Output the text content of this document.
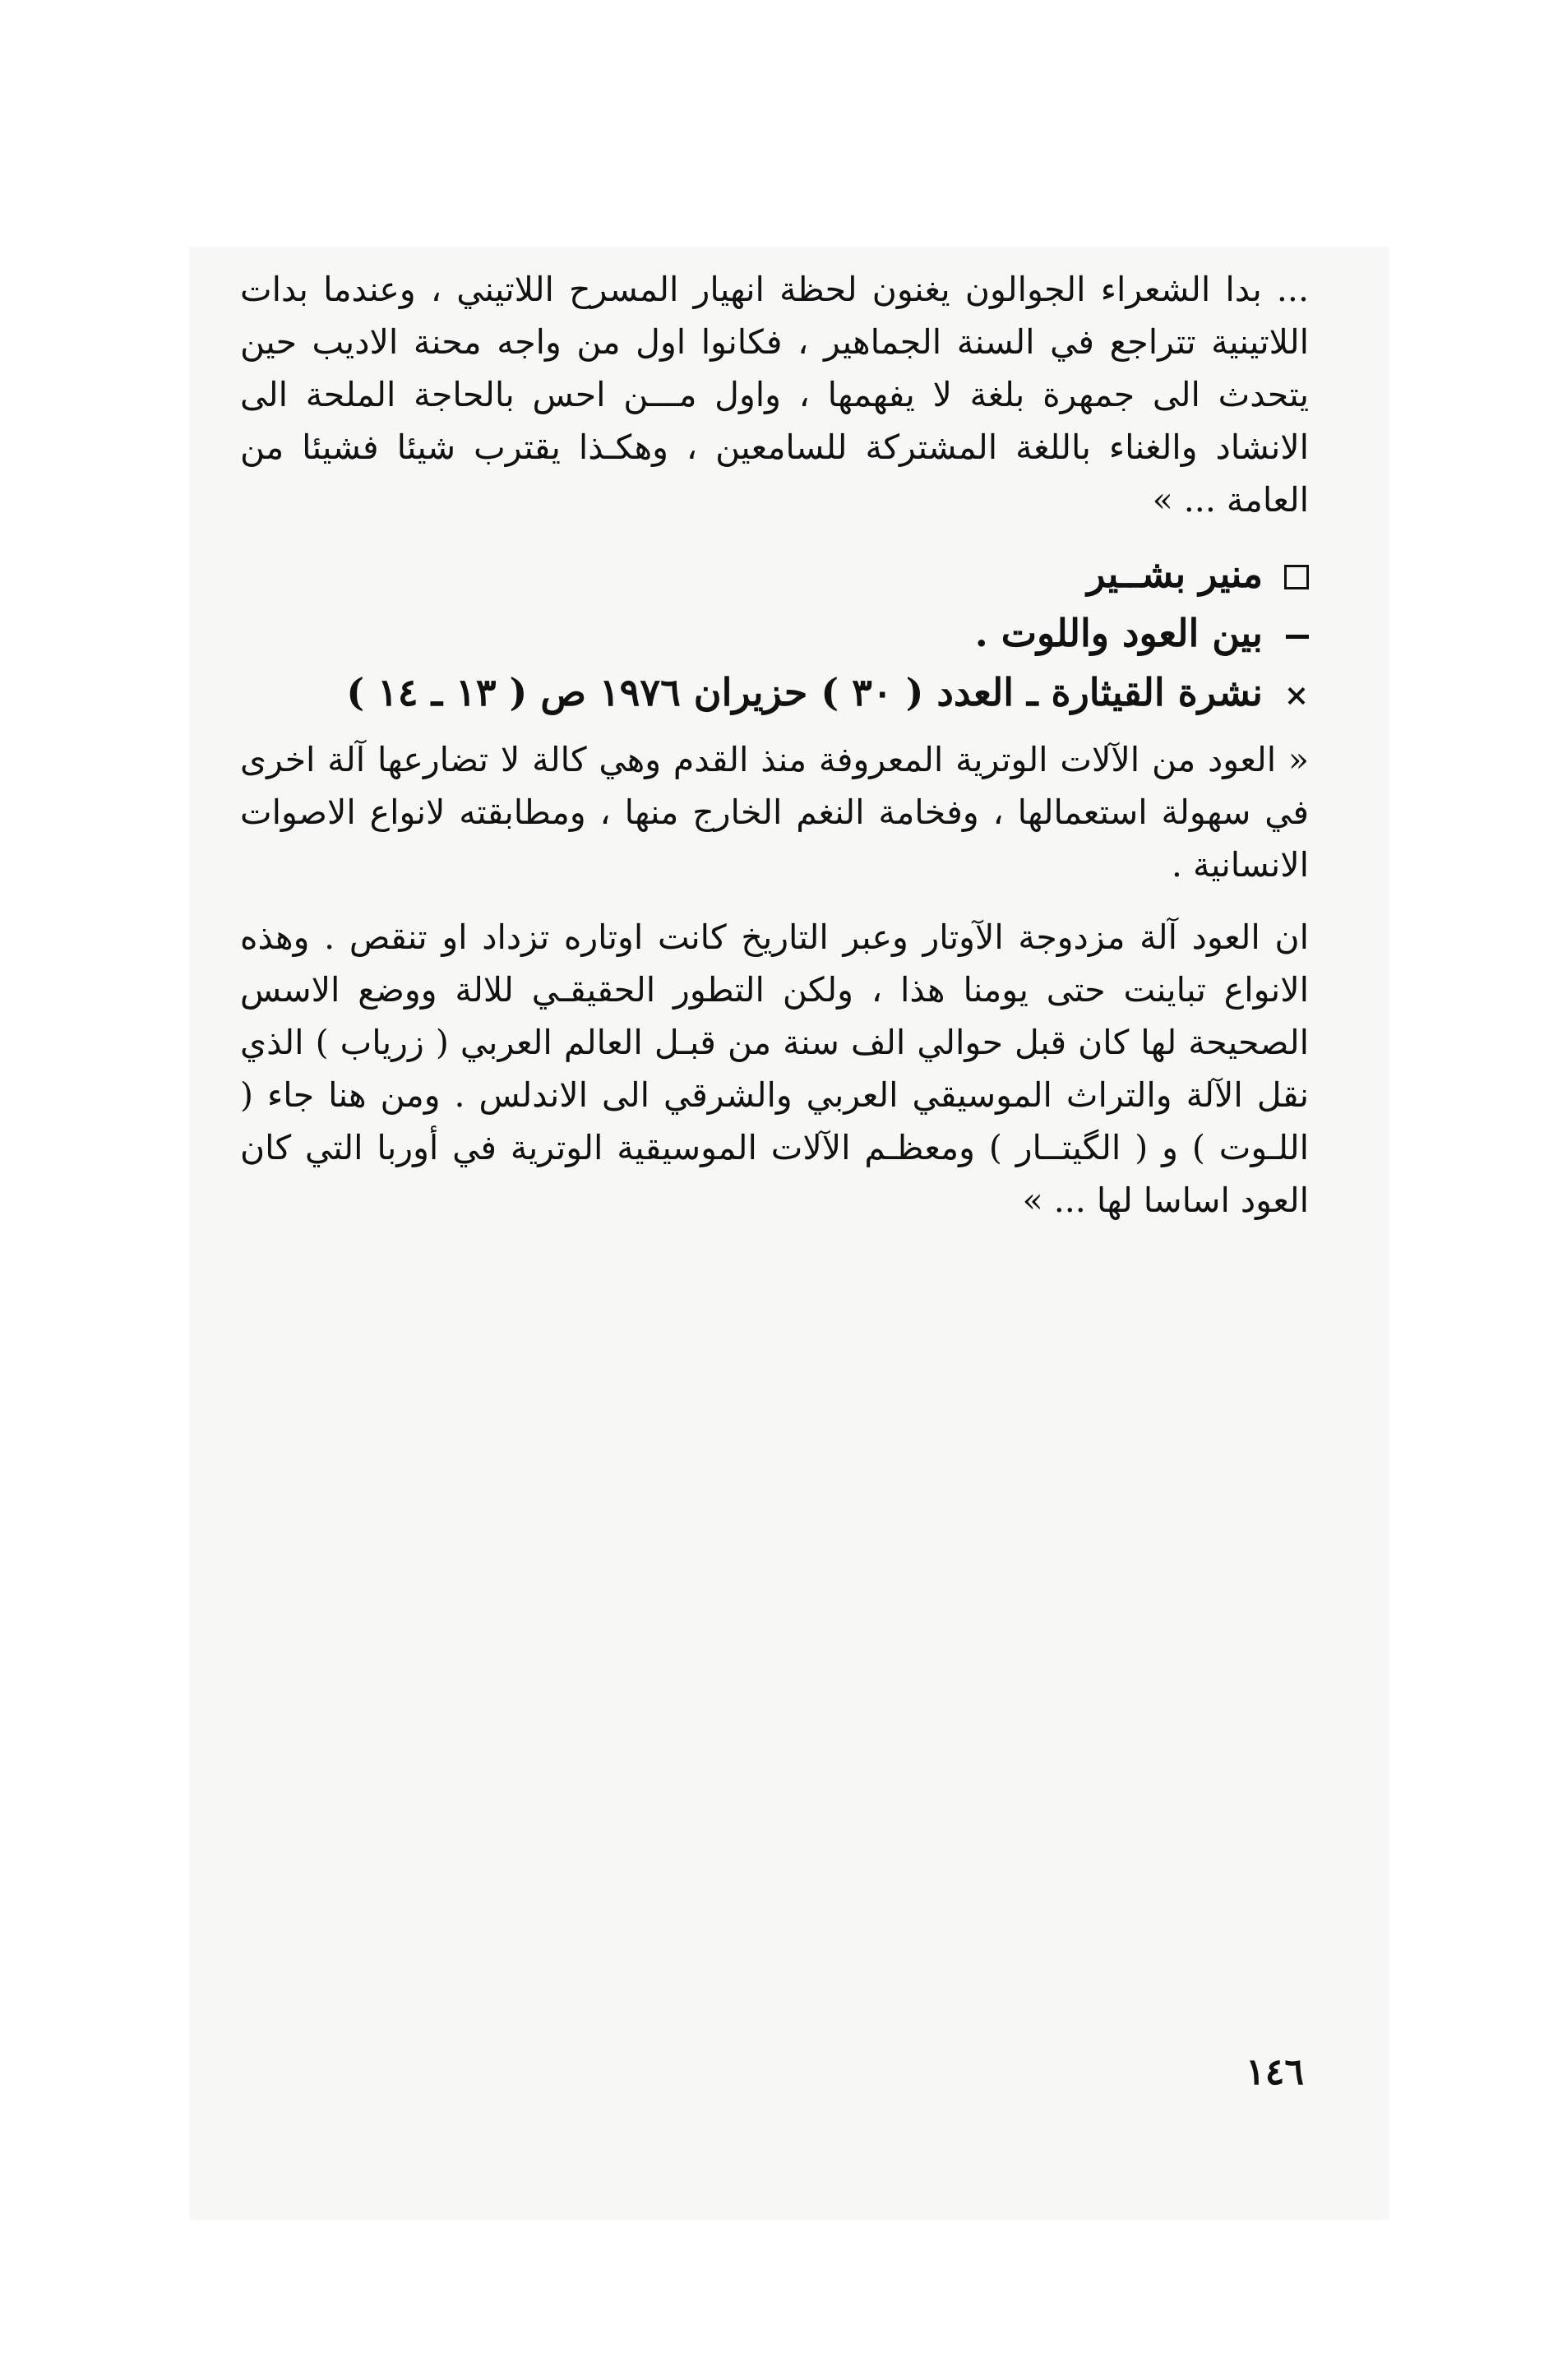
... بدا الشعراء الجوالون يغنون لحظة انهيار المسرح اللاتيني ، وعندما بدات اللاتينية تتراجع في السنة الجماهير ، فكانوا اول من واجه محنة الاديب حين يتحدث الى جمهرة بلغة لا يفهمها ، واول مـــن احس بالحاجة الملحة الى الانشاد والغناء باللغة المشتركة للسامعين ، وهكـذا يقترب شيئا فشيئا من العامة ... »

منير بشــير
بين العود واللوت .
×
نشرة القيثارة ـ العدد ( ٣٠ ) حزيران ١٩٧٦ ص ( ١٣ ـ ١٤ )

« العود من الآلات الوترية المعروفة منذ القدم وهي كالة لا تضارعها آلة اخرى في سهولة استعمالها ، وفخامة النغم الخارج منها ، ومطابقته لانواع الاصوات الانسانية .

ان العود آلة مزدوجة الآوتار وعبر التاريخ كانت اوتاره تزداد او تنقص . وهذه الانواع تباينت حتى يومنا هذا ، ولكن التطور الحقيقـي للالة ووضع الاسس الصحيحة لها كان قبل حوالي الف سنة من قبـل العالم العربي ( زرياب ) الذي نقل الآلة والتراث الموسيقي العربي والشرقي الى الاندلس . ومن هنا جاء ( اللـوت ) و ( الگيتــار ) ومعظـم الآلات الموسيقية الوترية في أوربا التي كان العود اساسا لها ... »

١٤٦
